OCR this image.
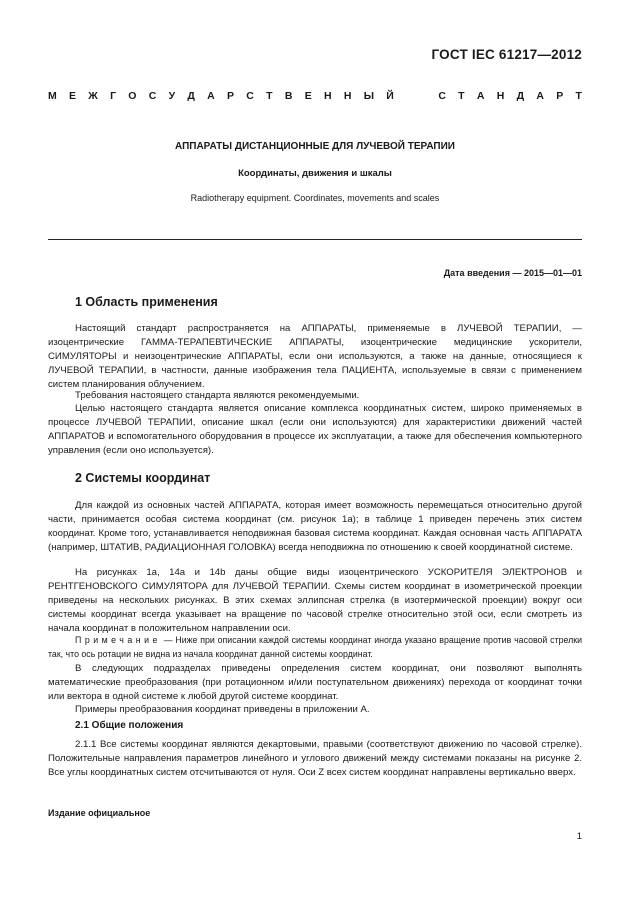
ГОСТ IEC 61217—2012
М Е Ж Г О С У Д А Р С Т В Е Н Н Ы Й	С Т А Н Д А Р Т
АППАРАТЫ ДИСТАНЦИОННЫЕ ДЛЯ ЛУЧЕВОЙ ТЕРАПИИ
Координаты, движения и шкалы
Radiotherapy equipment. Coordinates, movements and scales
Дата введения — 2015—01—01
1 Область применения

Настоящий стандарт распространяется на АППАРАТЫ, применяемые в ЛУЧЕВОЙ ТЕРАПИИ, — изоцентрические ГАММА-ТЕРАПЕВТИЧЕСКИЕ АППАРАТЫ, изоцентрические медицинские ускорители, СИМУЛЯТОРЫ и неизоцентрические АППАРАТЫ, если они используются, а также на данные, относящиеся к ЛУЧЕВОЙ ТЕРАПИИ, в частности, данные изображения тела ПАЦИЕНТА, используемые в связи с применением систем планирования облучением.

Требования настоящего стандарта являются рекомендуемыми.

Целью настоящего стандарта является описание комплекса координатных систем, широко применяемых в процессе ЛУЧЕВОЙ ТЕРАПИИ, описание шкал (если они используются) для характеристики движений частей АППАРАТОВ и вспомогательного оборудования в процессе их эксплуатации, а также для обеспечения компьютерного управления (если оно используется).

2 Системы координат

Для каждой из основных частей АППАРАТА, которая имеет возможность перемещаться относительно другой части, принимается особая система координат (см. рисунок 1а); в таблице 1 приведен перечень этих систем координат. Кроме того, устанавливается неподвижная базовая система координат. Каждая основная часть АППАРАТА (например, ШТАТИВ, РАДИАЦИОННАЯ ГОЛОВКА) всегда неподвижна по отношению к своей координатной системе.

На рисунках 1а, 14а и 14b даны общие виды изоцентрического УСКОРИТЕЛЯ ЭЛЕКТРОНОВ и РЕНТГЕНОВСКОГО СИМУЛЯТОРА для ЛУЧЕВОЙ ТЕРАПИИ. Схемы систем координат в изометрической проекции приведены на нескольких рисунках. В этих схемах эллипсная стрелка (в изотермической проекции) вокруг оси системы координат всегда указывает на вращение по часовой стрелке относительно этой оси, если смотреть из начала координат в положительном направлении оси.

Примечание — Ниже при описании каждой системы координат иногда указано вращение против часовой стрелки так, что ось ротации не видна из начала координат данной системы координат.

В следующих подразделах приведены определения систем координат, они позволяют выполнять математические преобразования (при ротационном и/или поступательном движениях) перехода от координат точки или вектора в одной системе к любой другой системе координат.

Примеры преобразования координат приведены в приложении А.

2.1 Общие положения

2.1.1 Все системы координат являются декартовыми, правыми (соответствуют движению по часовой стрелке). Положительные направления параметров линейного и углового движений между системами показаны на рисунке 2. Все углы координатных систем отсчитываются от нуля. Оси Z всех систем координат направлены вертикально вверх.

Издание официальное
1
